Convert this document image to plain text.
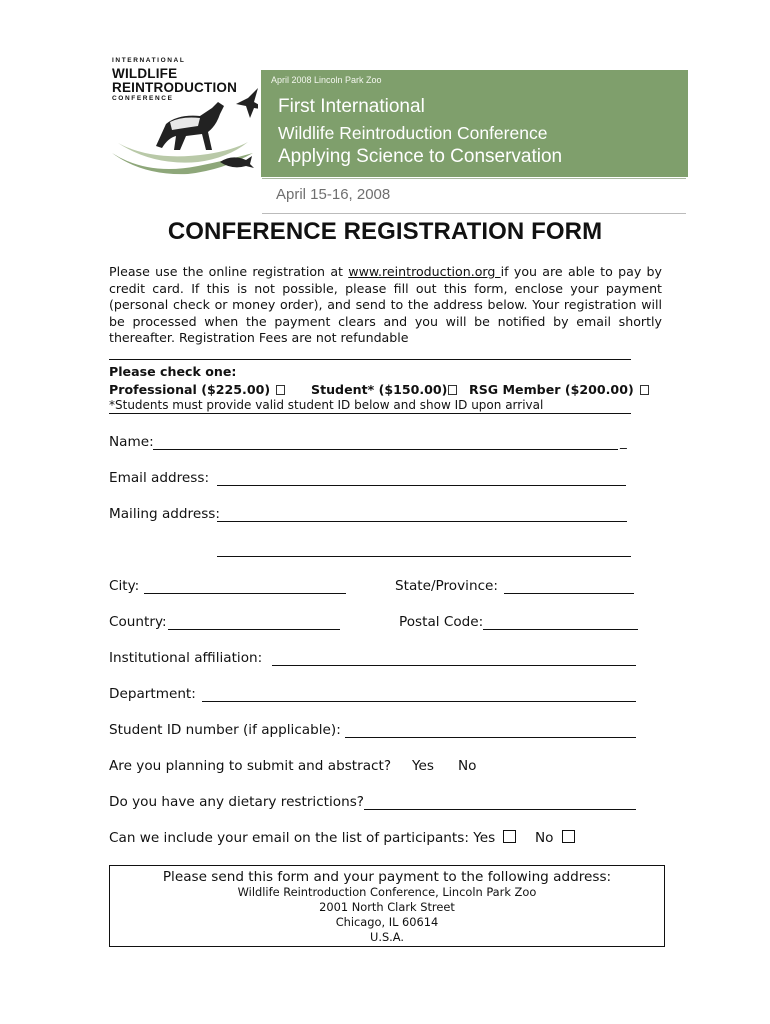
INTERNATIONAL
WILDLIFE
REINTRODUCTION
CONFERENCE
April 2008 Lincoln Park Zoo
First International
Wildlife Reintroduction Conference
Applying Science to Conservation
April 15-16, 2008
CONFERENCE REGISTRATION FORM
Please use the online registration at www.reintroduction.org if you are able to pay by credit card. If this is not possible, please fill out this form, enclose your payment (personal check or money order), and send to the address below. Your registration will be processed when the payment clears and you will be notified by email shortly thereafter. Registration Fees are not refundable
Please check one:
Professional ($225.00)	Student* ($150.00)	RSG Member ($200.00)
*Students must provide valid student ID below and show ID upon arrival
Name:	_
Email address:
Mailing address:
City:	State/Province:
Country:	Postal Code:
Institutional affiliation:
Department:
Student ID number (if applicable):
Are you planning to submit and abstract? Yes No
Do you have any dietary restrictions?
Can we include your email on the list of participants: Yes	No
Please send this form and your payment to the following address:
Wildlife Reintroduction Conference, Lincoln Park Zoo
2001 North Clark Street
Chicago, IL 60614
U.S.A.
